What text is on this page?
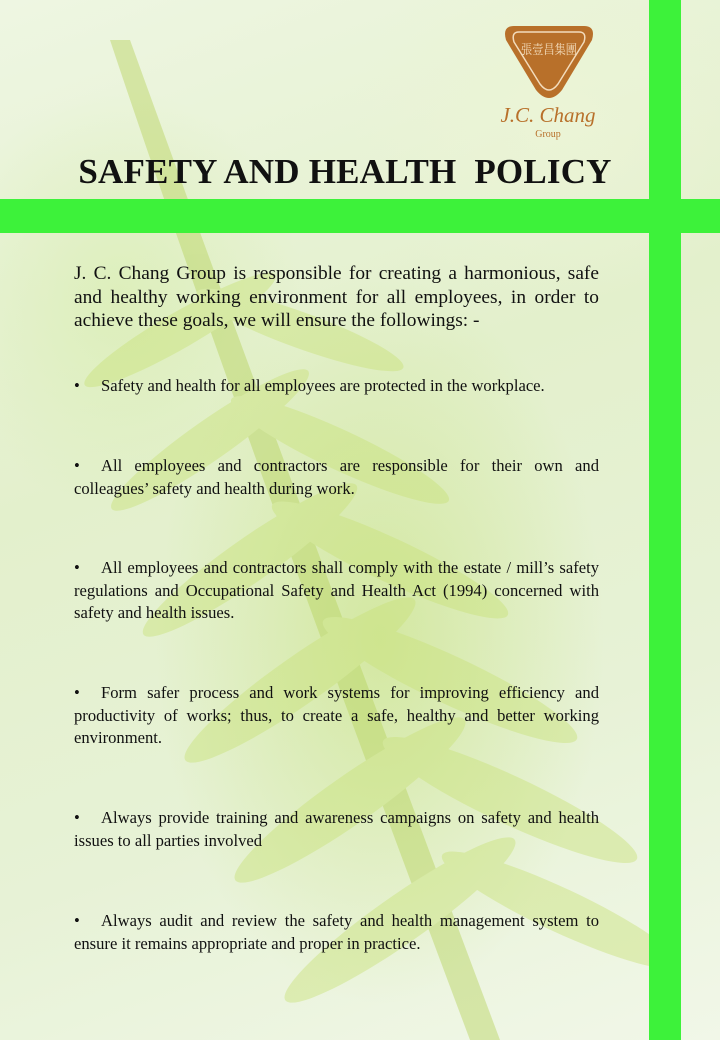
張壹昌集團
J.C. Chang
Group
SAFETY AND HEALTH  POLICY

J. C. Chang Group is responsible for creating a harmonious, safe and healthy working environment for all employees, in order to achieve these goals, we will ensure the followings: -

• Safety and health for all employees are protected in the workplace.
• All employees and contractors are responsible for their own and colleagues’ safety and health during work.
• All employees and contractors shall comply with the estate / mill’s safety regulations and Occupational Safety and Health Act (1994) concerned with safety and health issues.
• Form safer process and work systems for improving efficiency and productivity of works; thus, to create a safe, healthy and better working environment.
• Always provide training and awareness campaigns on safety and health issues to all parties involved
• Always audit and review the safety and health management system to ensure it remains appropriate and proper in practice.
